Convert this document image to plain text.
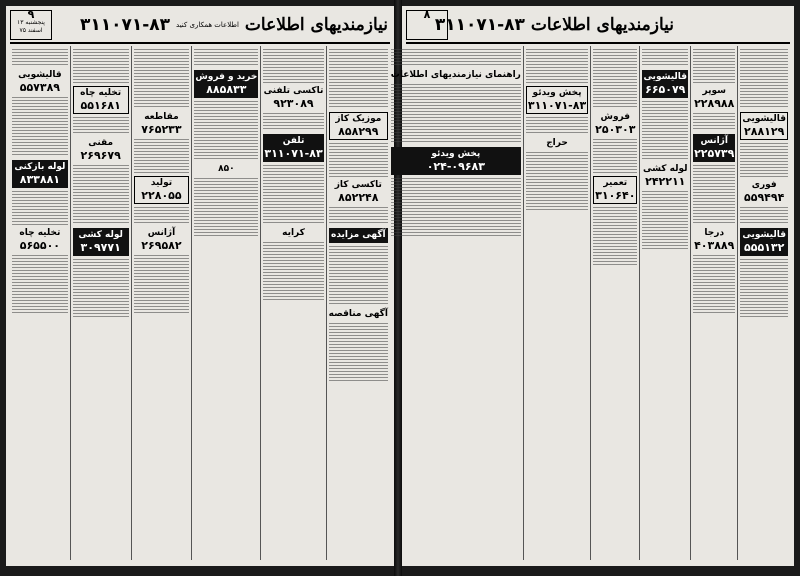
۹
پنجشنبه ۱۳ اسفند ۷۵	نیازمندیهای اطلاعات
اطلاعات همکاری کنید
۳۱۱۰۷۱-۸۳
موزیک کاز
۸۵۸۲۹۹
تاکسی کاز
۸۵۲۲۴۸
آگهی مزایده
آگهی مناقصه
تاکسی تلفنی
۹۲۳۰۸۹
تلفن
۳۱۱۰۷۱-۸۳
کرایه
خرید و فروش
۸۸۵۸۳۳
۸۵۰
مقاطعه
۷۶۵۲۳۳
تولید
۲۲۸۰۵۵
آژانس
۲۶۹۵۸۲
تخلیه چاه
۵۵۱۶۸۱
مقنی
۲۶۹۶۷۹
لوله کشی
۳۰۹۷۷۱
قالیشویی
۵۵۷۳۸۹
لوله بازکنی
۸۳۳۸۸۱
تخلیه چاه
۵۶۵۵۰۰
۸
نیازمندیهای اطلاعات
۳۱۱۰۷۱-۸۳
قالیشویی
۲۸۸۱۲۹
فوری
۵۵۹۴۹۴
قالیشویی
۵۵۵۱۳۲
سوپر
۲۲۸۹۸۸
آژانس
۲۲۵۷۳۹
درجا
۴۰۳۸۸۹
قالیشویی
۶۶۵۰۷۹
لوله کشی
۲۴۲۲۱۱
فروش
۲۵۰۳۰۳
تعمیر
۳۱۰۶۴۰
پخش ویدئو
۳۱۱۰۷۱-۸۳
حراج
راهنمای نیازمندیهای اطلاعات
پخش ویدئو
۰۲۴-۰۹۶۸۳
